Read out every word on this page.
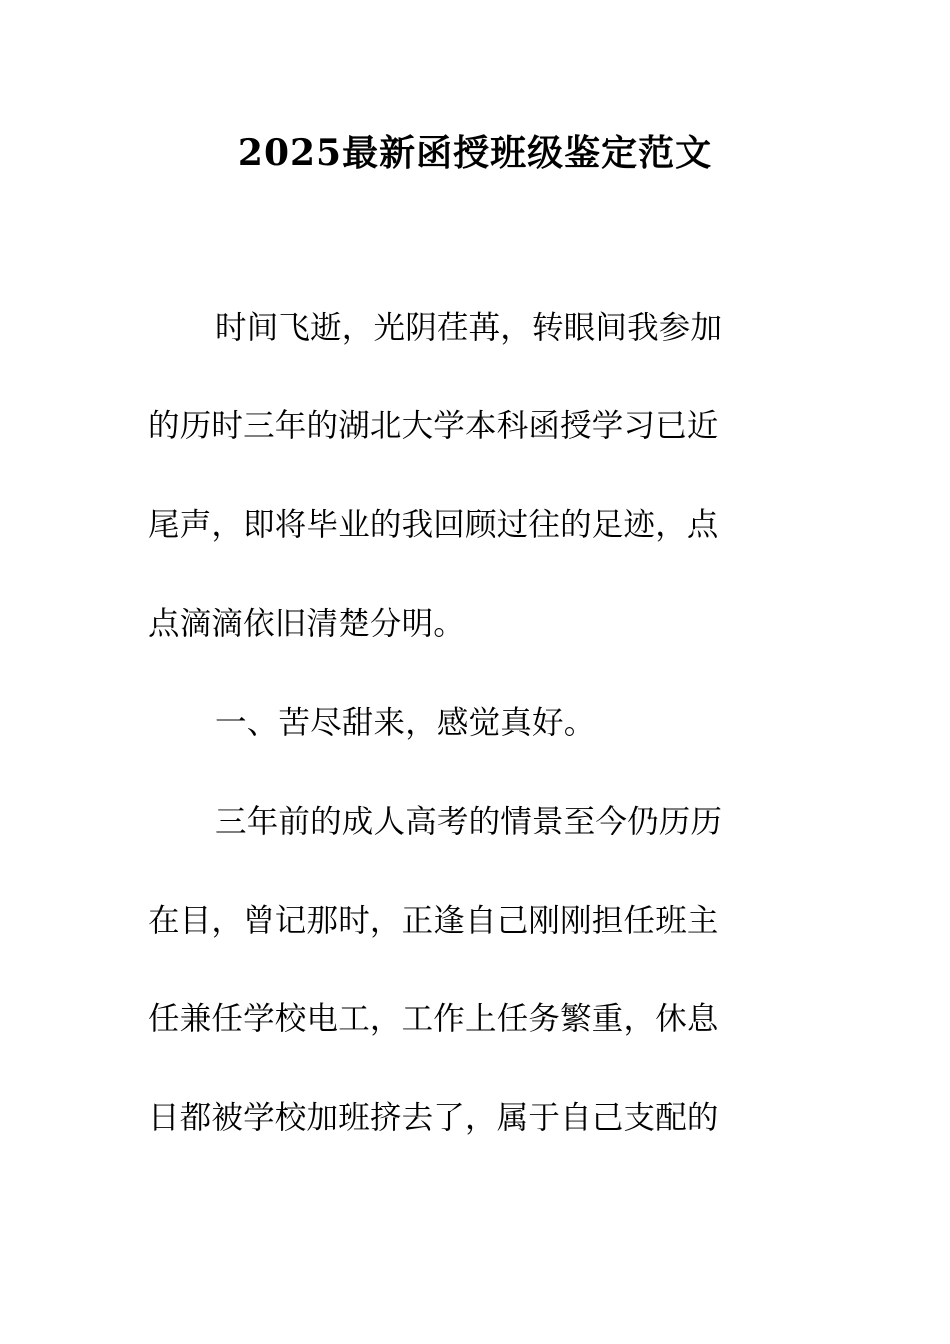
2025最新函授班级鉴定范文
时间飞逝，光阴荏苒，转眼间我参加
的历时三年的湖北大学本科函授学习已近
尾声，即将毕业的我回顾过往的足迹，点
点滴滴依旧清楚分明。
一、苦尽甜来，感觉真好。
三年前的成人高考的情景至今仍历历
在目，曾记那时，正逢自己刚刚担任班主
任兼任学校电工，工作上任务繁重，休息
日都被学校加班挤去了，属于自己支配的
